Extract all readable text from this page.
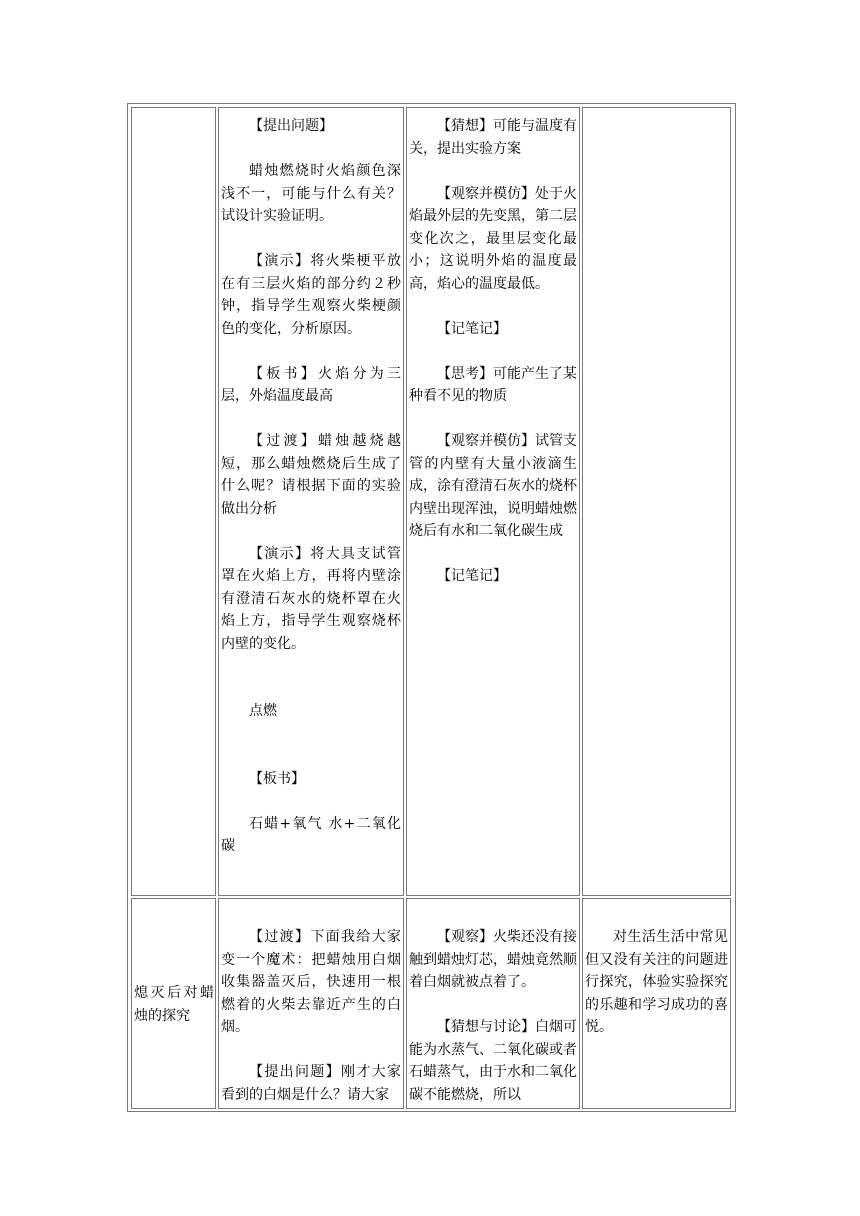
【提出问题】

蜡烛燃烧时火焰颜色深浅不一，可能与什么有关？试设计实验证明。

【演示】将火柴梗平放在有三层火焰的部分约２秒钟，指导学生观察火柴梗颜色的变化，分析原因。

【板书】火焰分为三层，外焰温度最高

【过渡】蜡烛越烧越短，那么蜡烛燃烧后生成了什么呢？请根据下面的实验做出分析

【演示】将大具支试管罩在火焰上方，再将内壁涂有澄清石灰水的烧杯罩在火焰上方，指导学生观察烧杯内壁的变化。

点燃

【板书】

石蜡+氧气 水+二氧化碳

【猜想】可能与温度有关，提出实验方案

【观察并模仿】处于火焰最外层的先变黑，第二层变化次之，最里层变化最小；这说明外焰的温度最高，焰心的温度最低。

【记笔记】

【思考】可能产生了某种看不见的物质

【观察并模仿】试管支管的内壁有大量小液滴生成，涂有澄清石灰水的烧杯内壁出现浑浊，说明蜡烛燃烧后有水和二氧化碳生成

【记笔记】

熄灭后对蜡烛的探究

【过渡】下面我给大家变一个魔术：把蜡烛用白烟收集器盖灭后，快速用一根燃着的火柴去靠近产生的白烟。

【提出问题】刚才大家看到的白烟是什么？请大家

【观察】火柴还没有接触到蜡烛灯芯，蜡烛竟然顺着白烟就被点着了。

【猜想与讨论】白烟可能为水蒸气、二氧化碳或者石蜡蒸气，由于水和二氧化碳不能燃烧，所以

对生活生活中常见但又没有关注的问题进行探究，体验实验探究的乐趣和学习成功的喜悦。
